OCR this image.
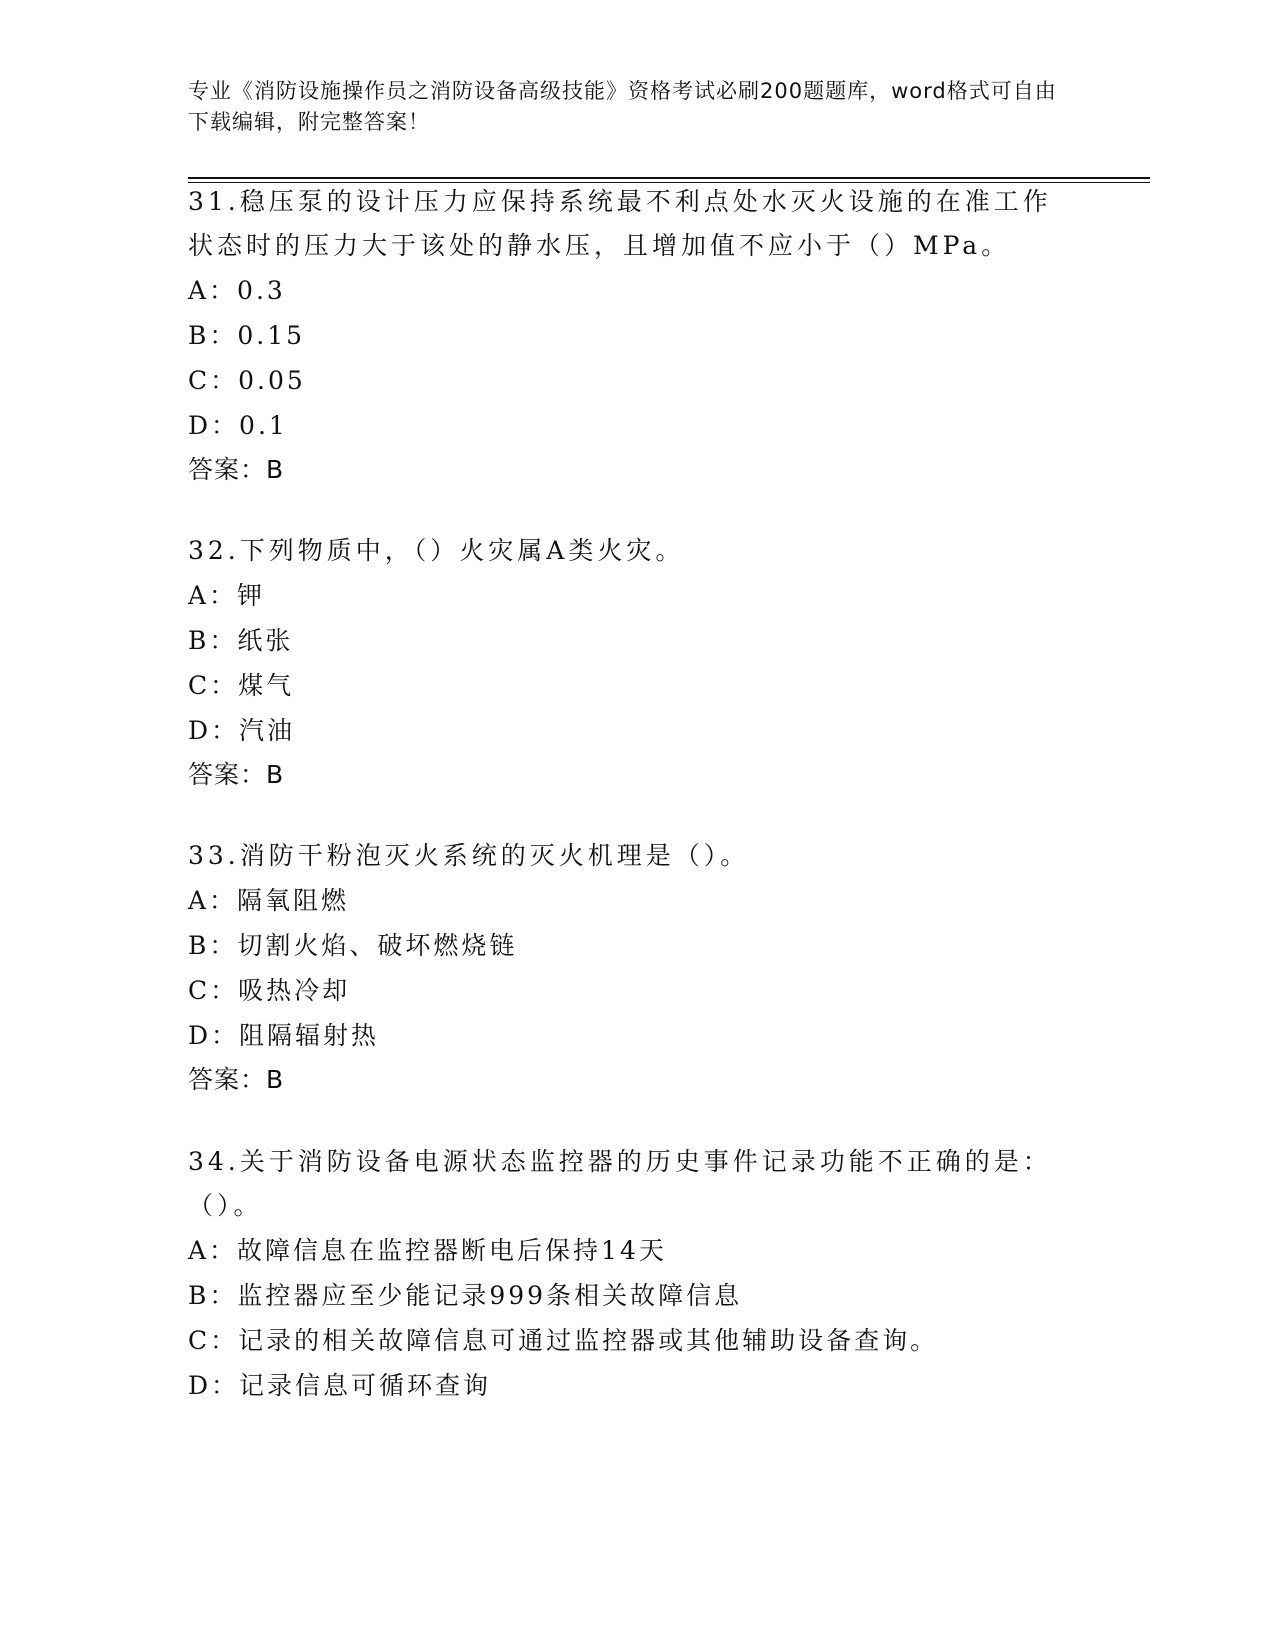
专业《消防设施操作员之消防设备高级技能》资格考试必刷200题题库，word格式可自由下载编辑，附完整答案！

31.稳压泵的设计压力应保持系统最不利点处水灭火设施的在准工作状态时的压力大于该处的静水压，且增加值不应小于（）MPa。

A：0.3

B：0.15

C：0.05

D：0.1

答案：B

32.下列物质中，（）火灾属A类火灾。

A：钾

B：纸张

C：煤气

D：汽油

答案：B

33.消防干粉泡灭火系统的灭火机理是（）。

A：隔氧阻燃

B：切割火焰、破坏燃烧链

C：吸热冷却

D：阻隔辐射热

答案：B

34.关于消防设备电源状态监控器的历史事件记录功能不正确的是：（）。

A：故障信息在监控器断电后保持14天

B：监控器应至少能记录999条相关故障信息

C：记录的相关故障信息可通过监控器或其他辅助设备查询。

D：记录信息可循环查询
